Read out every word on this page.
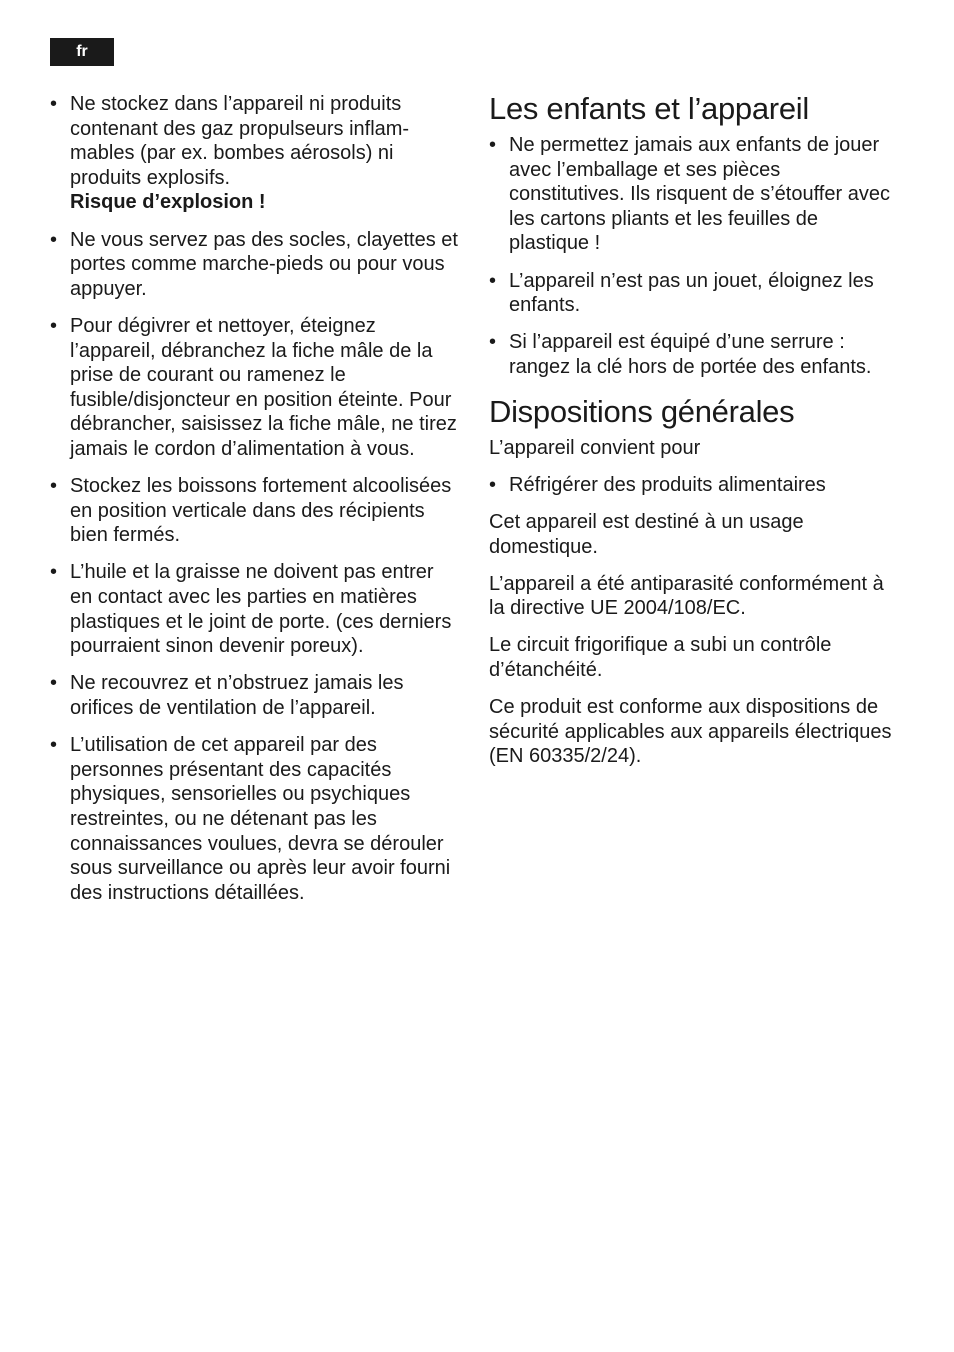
fr
• Ne stockez dans l’appareil ni produits contenant des gaz propulseurs inflam-mables (par ex. bombes aérosols) ni produits explosifs.
Risque d’explosion !
• Ne vous servez pas des socles, clayettes et portes comme marche-pieds ou pour vous appuyer.
• Pour dégivrer et nettoyer, éteignez l’appareil, débranchez la fiche mâle de la prise de courant ou ramenez le fusible/disjoncteur en position éteinte. Pour débrancher, saisissez la fiche mâle, ne tirez jamais le cordon d’alimentation à vous.
• Stockez les boissons fortement alcoolisées en position verticale dans des récipients bien fermés.
• L’huile et la graisse ne doivent pas entrer en contact avec les parties en matières plastiques et le joint de porte. (ces derniers pourraient sinon devenir poreux).
• Ne recouvrez et n’obstruez jamais les orifices de ventilation de l’appareil.
• L’utilisation de cet appareil par des personnes présentant des capacités physiques, sensorielles ou psychiques restreintes, ou ne détenant pas les connaissances voulues, devra se dérouler sous surveillance ou après leur avoir fourni des instructions détaillées.
Les enfants et l’appareil
• Ne permettez jamais aux enfants de jouer avec l’emballage et ses pièces constitutives. Ils risquent de s’étouffer avec les cartons pliants et les feuilles de plastique !
• L’appareil n’est pas un jouet, éloignez les enfants.
• Si l’appareil est équipé d’une serrure : rangez la clé hors de portée des enfants.
Dispositions générales

L’appareil convient pour

• Réfrigérer des produits alimentaires

Cet appareil est destiné à un usage domestique.

L’appareil a été antiparasité conformément à la directive UE 2004/108/EC.

Le circuit frigorifique a subi un contrôle d’étanchéité.

Ce produit est conforme aux dispositions de sécurité applicables aux appareils électriques (EN 60335/2/24).
